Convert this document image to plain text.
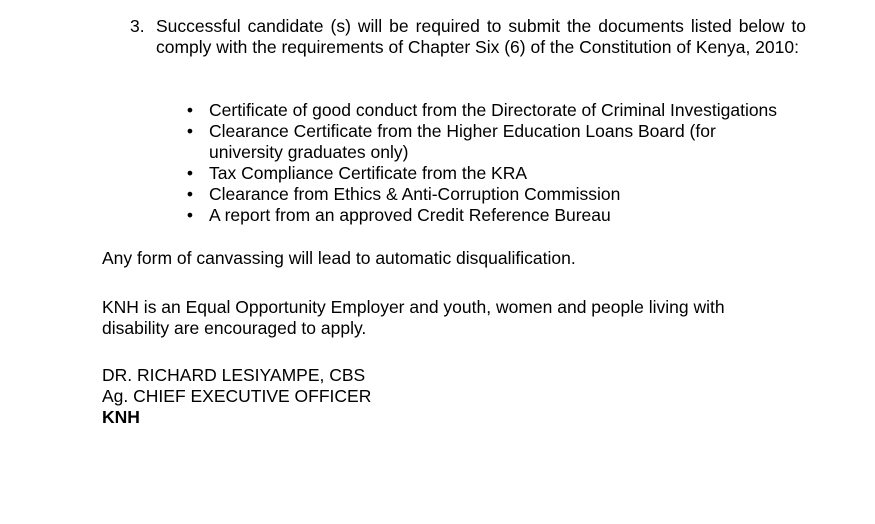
3. Successful candidate (s) will be required to submit the documents listed below to comply with the requirements of Chapter Six (6) of the Constitution of Kenya, 2010:
• Certificate of good conduct from the Directorate of Criminal Investigations
• Clearance Certificate from the Higher Education Loans Board (for university graduates only)
• Tax Compliance Certificate from the KRA
• Clearance from Ethics & Anti-Corruption Commission
• A report from an approved Credit Reference Bureau

Any form of canvassing will lead to automatic disqualification.

KNH is an Equal Opportunity Employer and youth, women and people living with disability are encouraged to apply.

DR. RICHARD LESIYAMPE, CBS
Ag. CHIEF EXECUTIVE OFFICER
KNH
